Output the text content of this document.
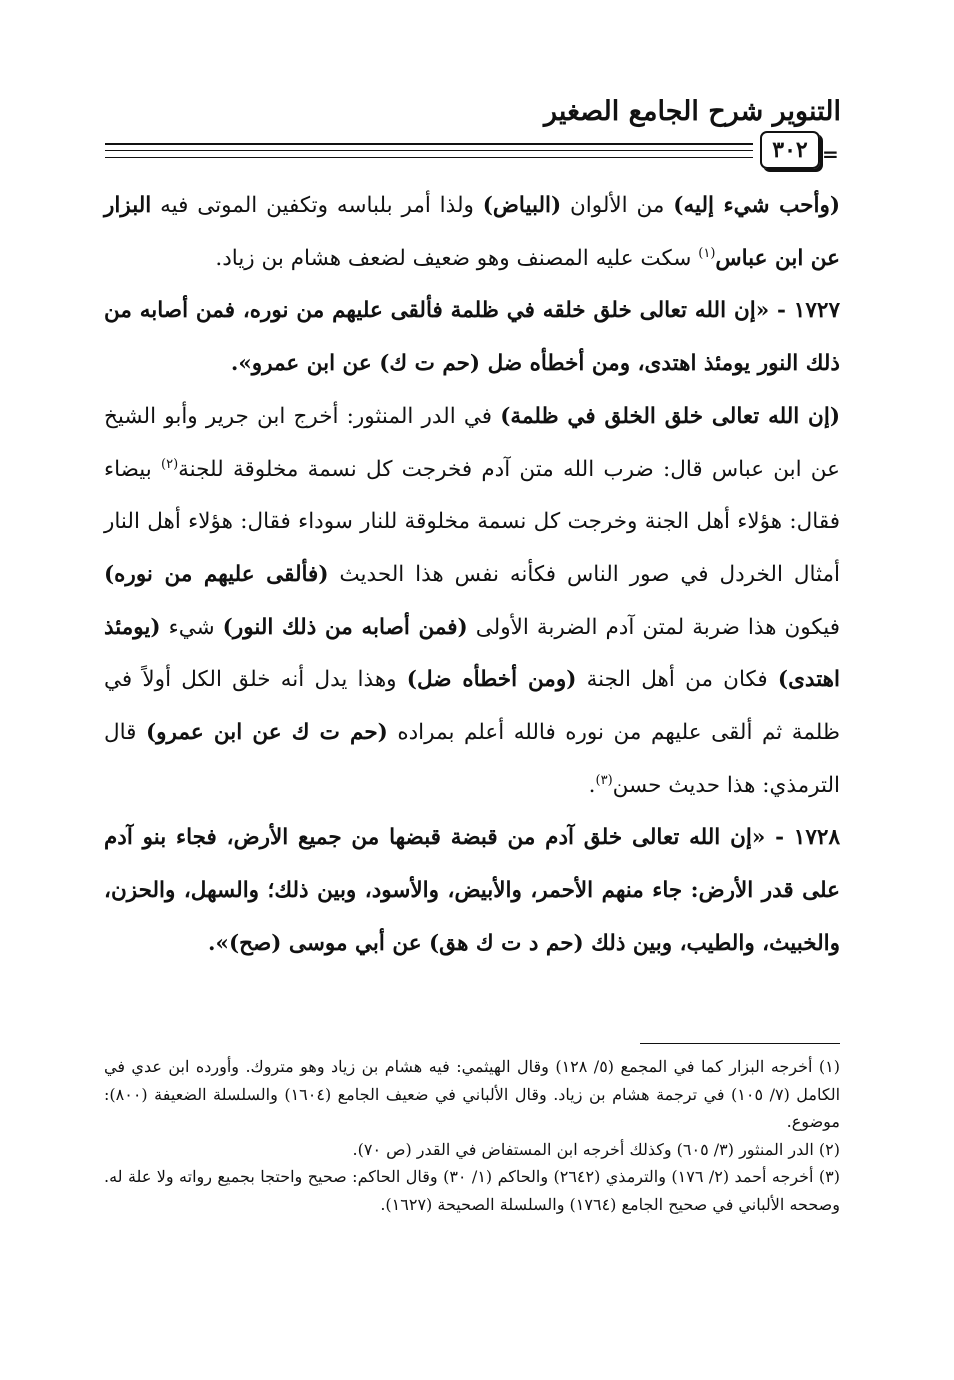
التنوير شرح الجامع الصغير
٣٠٢ =

(وأحب شيء إليه) من الألوان (البياض) ولذا أمر بلباسه وتكفين الموتى فيه البزار عن ابن عباس$^{(١)}$ سكت عليه المصنف وهو ضعيف لضعف هشام بن زياد.

١٧٢٧ - «إن الله تعالى خلق خلقه في ظلمة فألقى عليهم من نوره، فمن أصابه من ذلك النور يومئذ اهتدى، ومن أخطأه ضل (حم ت ك) عن ابن عمرو».

(إن الله تعالى خلق الخلق في ظلمة) في الدر المنثور: أخرج ابن جرير وأبو الشيخ عن ابن عباس قال: ضرب الله متن آدم فخرجت كل نسمة مخلوقة للجنة$^{(٢)}$ بيضاء فقال: هؤلاء أهل الجنة وخرجت كل نسمة مخلوقة للنار سوداء فقال: هؤلاء أهل النار أمثال الخردل في صور الناس فكأنه نفس هذا الحديث (فألقى عليهم من نوره) فيكون هذا ضربة لمتن آدم الضربة الأولى (فمن أصابه من ذلك النور) شيء (يومئذ اهتدى) فكان من أهل الجنة (ومن أخطأه ضل) وهذا يدل أنه خلق الكل أولاً في ظلمة ثم ألقى عليهم من نوره فالله أعلم بمراده (حم ت ك عن ابن عمرو) قال الترمذي: هذا حديث حسن$^{(٣)}$.

١٧٢٨ - «إن الله تعالى خلق آدم من قبضة قبضها من جميع الأرض، فجاء بنو آدم على قدر الأرض: جاء منهم الأحمر، والأبيض، والأسود، وبين ذلك؛ والسهل، والحزن، والخبيث، والطيب، وبين ذلك (حم د ت ك هق) عن أبي موسى (صح)».

(١) أخرجه البزار كما في المجمع (٥/ ١٢٨) وقال الهيثمي: فيه هشام بن زياد وهو متروك. وأورده ابن عدي في الكامل (٧/ ١٠٥) في ترجمة هشام بن زياد. وقال الألباني في ضعيف الجامع (١٦٠٤) والسلسلة الضعيفة (٨٠٠): موضوع.

(٢) الدر المنثور (٣/ ٦٠٥) وكذلك أخرجه ابن المستفاض في القدر (ص ٧٠).

(٣) أخرجه أحمد (٢/ ١٧٦) والترمذي (٢٦٤٢) والحاكم (١/ ٣٠) وقال الحاكم: صحيح واحتجا بجميع رواته ولا علة له. وصححه الألباني في صحيح الجامع (١٧٦٤) والسلسلة الصحيحة (١٦٢٧).
